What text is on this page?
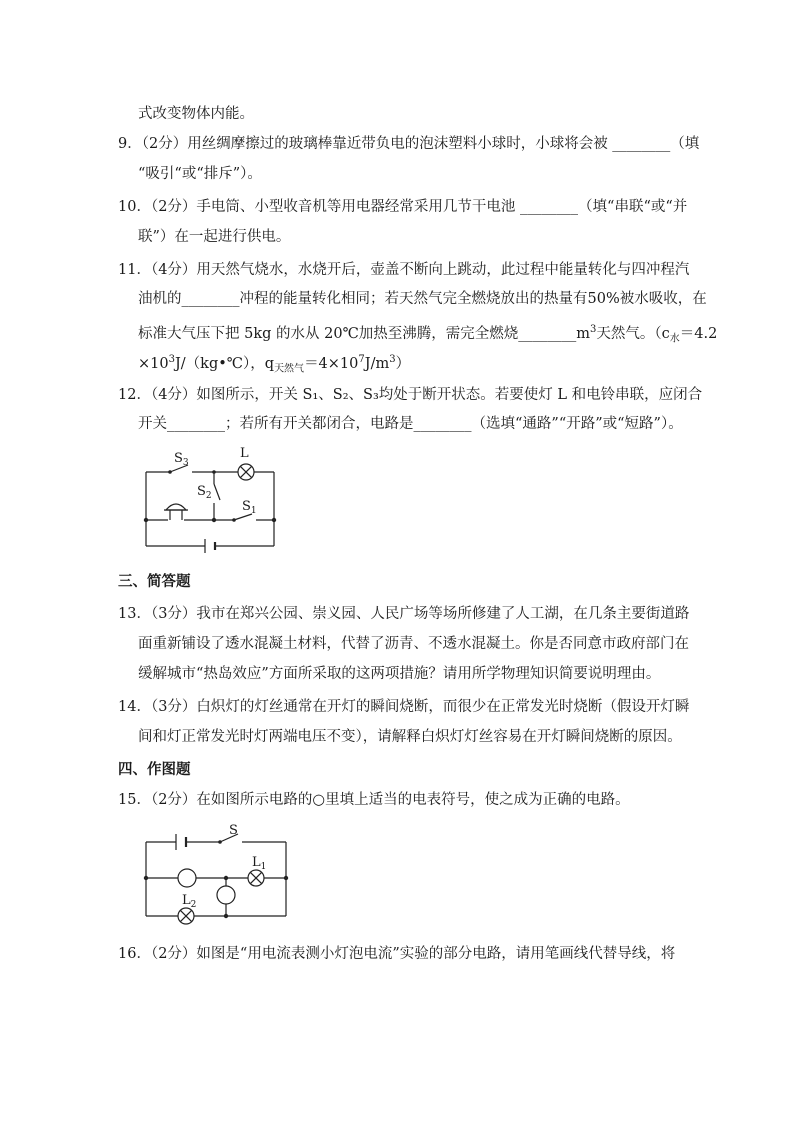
式改变物体内能。
9．（2分）用丝绸摩擦过的玻璃棒靠近带负电的泡沫塑料小球时，小球将会被 ________（填
“吸引“或“排斥”）。
10．（2分）手电筒、小型收音机等用电器经常采用几节干电池 ________（填“串联“或“并
联”）在一起进行供电。
11．（4分）用天然气烧水，水烧开后，壶盖不断向上跳动，此过程中能量转化与四冲程汽
油机的________冲程的能量转化相同；若天然气完全燃烧放出的热量有50%被水吸收，在
标准大气压下把 5kg 的水从 20℃加热至沸腾，需完全燃烧$\_\_\_\_\_\_\_\_m^3$天然气。（$c_水=4.2$
$\times 10^3J/(kg•℃)$，$q_{天然气}=4\times 10^7J/m^3$）
12．（4分）如图所示，开关 S₁、S₂、S₃均处于断开状态。若要使灯 L 和电铃串联，应闭合
开关________；若所有开关都闭合，电路是________（选填“通路”“开路”或“短路”）。
$S_3$
L
$S_2$
$S_1$
三、简答题
13．（3分）我市在郑兴公园、崇义园、人民广场等场所修建了人工湖，在几条主要街道路
面重新铺设了透水混凝土材料，代替了沥青、不透水混凝土。你是否同意市政府部门在
缓解城市“热岛效应”方面所采取的这两项措施？请用所学物理知识简要说明理由。
14．（3分）白炽灯的灯丝通常在开灯的瞬间烧断，而很少在正常发光时烧断（假设开灯瞬
间和灯正常发光时灯两端电压不变），请解释白炽灯灯丝容易在开灯瞬间烧断的原因。
四、作图题
15．（2分）在如图所示电路的○里填上适当的电表符号，使之成为正确的电路。
S
$L_1$
$L_2$
16．（2分）如图是“用电流表测小灯泡电流”实验的部分电路，请用笔画线代替导线，将
